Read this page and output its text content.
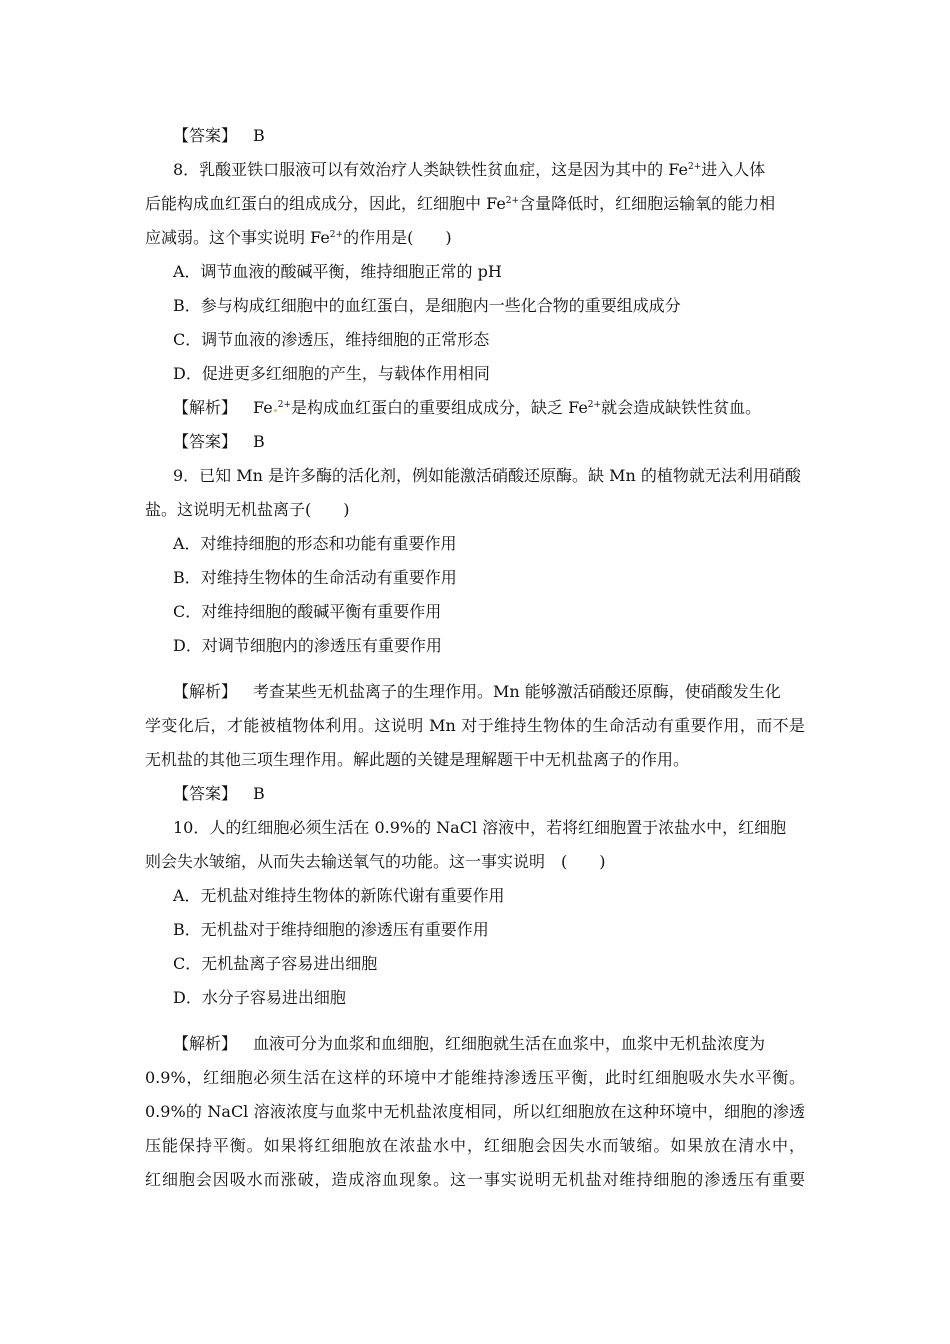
【答案】 B
8．乳酸亚铁口服液可以有效治疗人类缺铁性贫血症，这是因为其中的 $Fe^{2+}$进入人体
后能构成血红蛋白的组成成分，因此，红细胞中 $Fe^{2+}$含量降低时，红细胞运输氧的能力相
应减弱。这个事实说明 $Fe^{2+}$的作用是(　　)
A．调节血液的酸碱平衡，维持细胞正常的 pH
B．参与构成红细胞中的血红蛋白，是细胞内一些化合物的重要组成成分
C．调节血液的渗透压，维持细胞的正常形态
D．促进更多红细胞的产生，与载体作用相同
【解析】 Fe $^{2+}$是构成血红蛋白的重要组成成分，缺乏 $Fe^{2+}$就会造成缺铁性贫血。
【答案】 B
9．已知 Mn 是许多酶的活化剂，例如能激活硝酸还原酶。缺 Mn 的植物就无法利用硝酸
盐。这说明无机盐离子(　　)
A．对维持细胞的形态和功能有重要作用
B．对维持生物体的生命活动有重要作用
C．对维持细胞的酸碱平衡有重要作用
D．对调节细胞内的渗透压有重要作用
【解析】 考查某些无机盐离子的生理作用。Mn 能够激活硝酸还原酶，使硝酸发生化
学变化后，才能被植物体利用。这说明 Mn 对于维持生物体的生命活动有重要作用，而不是
无机盐的其他三项生理作用。解此题的关键是理解题干中无机盐离子的作用。
【答案】 B
10．人的红细胞必须生活在 0.9%的 NaCl 溶液中，若将红细胞置于浓盐水中，红细胞
则会失水皱缩，从而失去输送氧气的功能。这一事实说明　(　　)
A．无机盐对维持生物体的新陈代谢有重要作用
B．无机盐对于维持细胞的渗透压有重要作用
C．无机盐离子容易进出细胞
D．水分子容易进出细胞
【解析】 血液可分为血浆和血细胞，红细胞就生活在血浆中，血浆中无机盐浓度为
0.9%，红细胞必须生活在这样的环境中才能维持渗透压平衡，此时红细胞吸水失水平衡。
0.9%的 NaCl 溶液浓度与血浆中无机盐浓度相同，所以红细胞放在这种环境中，细胞的渗透
压能保持平衡。如果将红细胞放在浓盐水中，红细胞会因失水而皱缩。如果放在清水中，
红细胞会因吸水而涨破，造成溶血现象。这一事实说明无机盐对维持细胞的渗透压有重要
